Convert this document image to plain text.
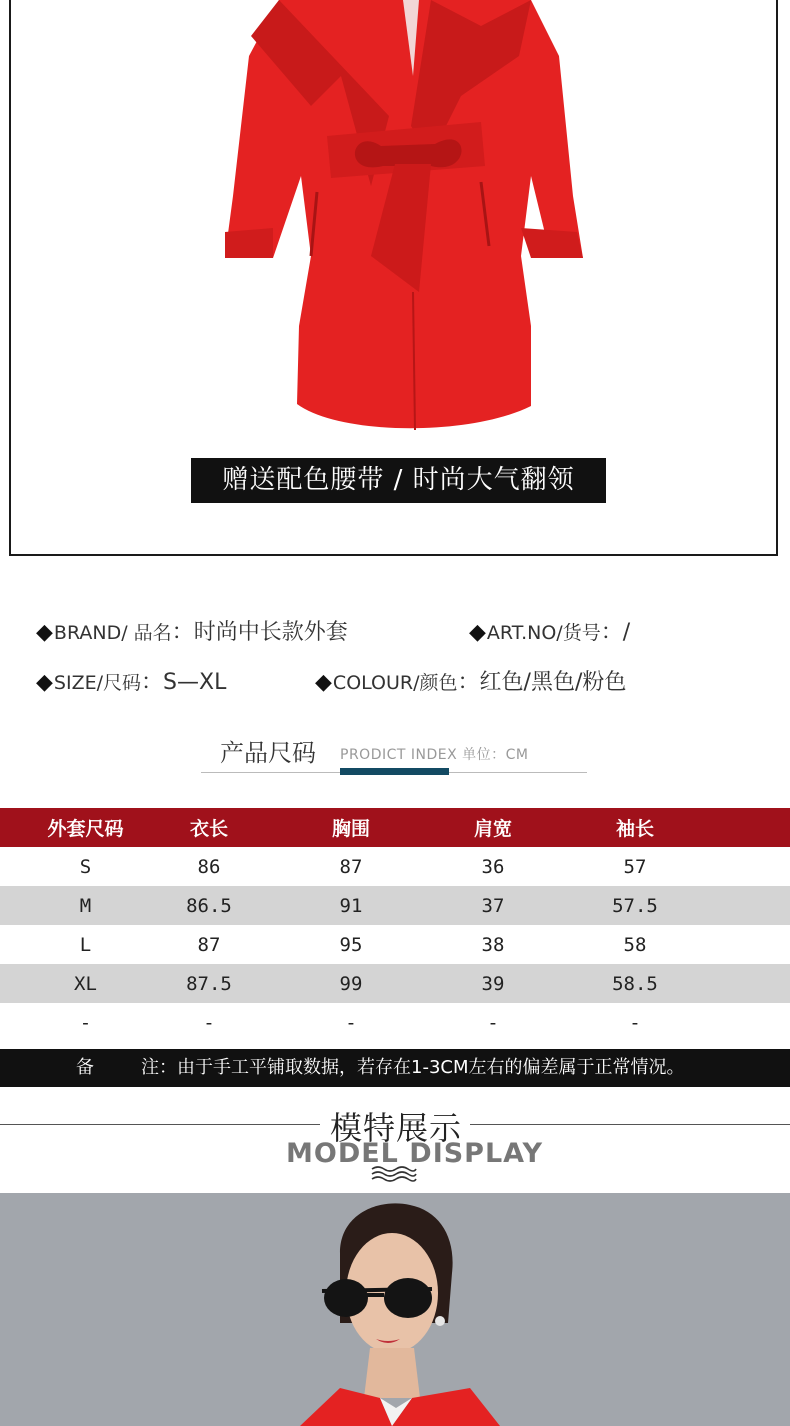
赠送配色腰带 / 时尚大气翻领
◆BRAND/ 品名：时尚中长款外套	◆ART.NO/货号：/
◆SIZE/尺码：S—XL	◆COLOUR/颜色：红色/黑色/粉色
产品尺码 PRODICT INDEX 单位：CM
外套尺码	衣长	胸围	肩宽	袖长
S	86	87	36	57
M	86.5	91	37	57.5
L	87	95	38	58
XL	87.5	99	39	58.5
-	-	-	-	-
备	注：由于手工平铺取数据，若存在1-3CM左右的偏差属于正常情况。
模特展示
MODEL DISPLAY
